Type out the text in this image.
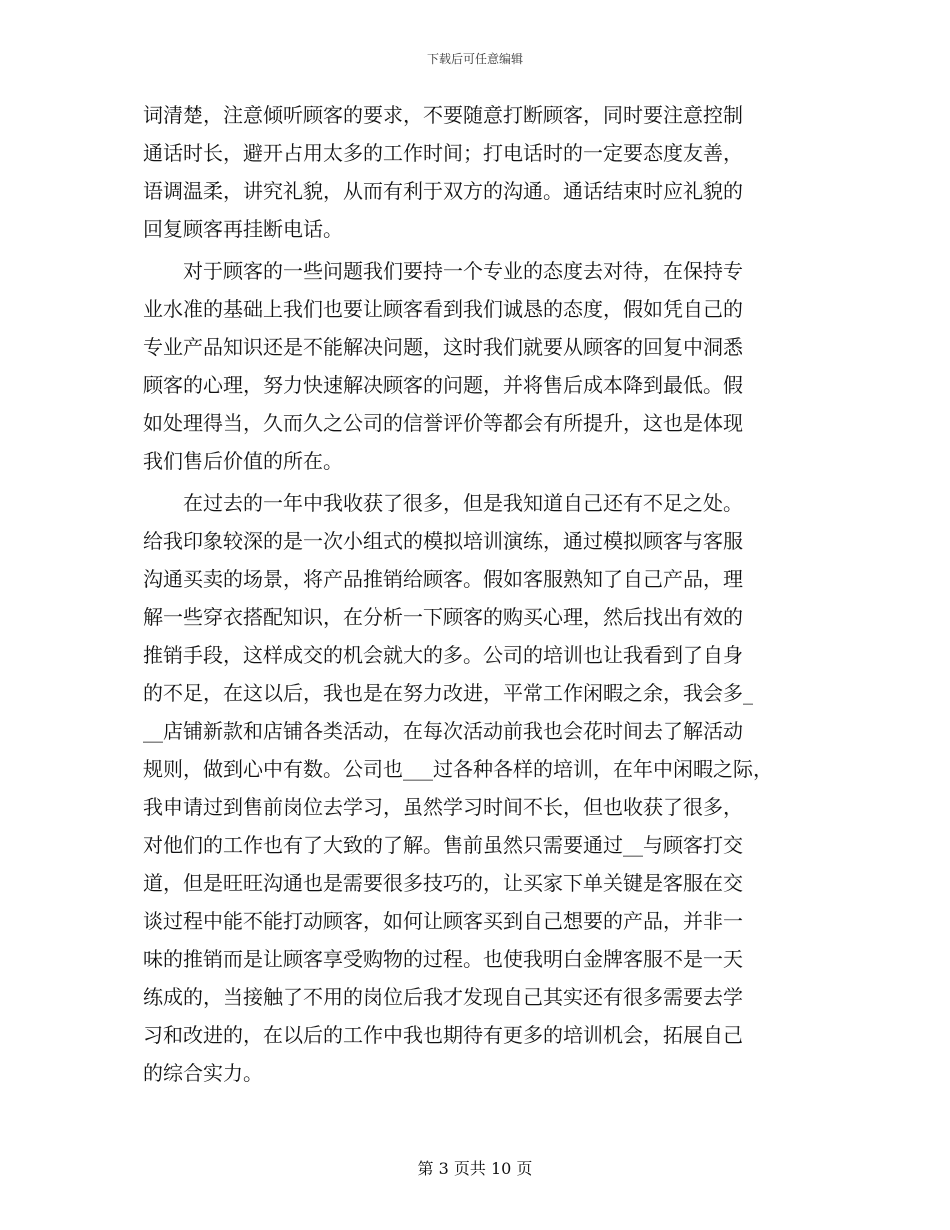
下载后可任意编辑
词清楚，注意倾听顾客的要求，不要随意打断顾客，同时要注意控制
通话时长，避开占用太多的工作时间；打电话时的一定要态度友善，
语调温柔，讲究礼貌，从而有利于双方的沟通。通话结束时应礼貌的
回复顾客再挂断电话。
　　对于顾客的一些问题我们要持一个专业的态度去对待，在保持专
业水准的基础上我们也要让顾客看到我们诚恳的态度，假如凭自己的
专业产品知识还是不能解决问题，这时我们就要从顾客的回复中洞悉
顾客的心理，努力快速解决顾客的问题，并将售后成本降到最低。假
如处理得当，久而久之公司的信誉评价等都会有所提升，这也是体现
我们售后价值的所在。
　　在过去的一年中我收获了很多，但是我知道自己还有不足之处。
给我印象较深的是一次小组式的模拟培训演练，通过模拟顾客与客服
沟通买卖的场景，将产品推销给顾客。假如客服熟知了自己产品，理
解一些穿衣搭配知识，在分析一下顾客的购买心理，然后找出有效的
推销手段，这样成交的机会就大的多。公司的培训也让我看到了自身
的不足，在这以后，我也是在努力改进，平常工作闲暇之余，我会多_
__店铺新款和店铺各类活动，在每次活动前我也会花时间去了解活动
规则，做到心中有数。公司也___过各种各样的培训，在年中闲暇之际，
我申请过到售前岗位去学习，虽然学习时间不长，但也收获了很多，
对他们的工作也有了大致的了解。售前虽然只需要通过__与顾客打交
道，但是旺旺沟通也是需要很多技巧的，让买家下单关键是客服在交
谈过程中能不能打动顾客，如何让顾客买到自己想要的产品，并非一
味的推销而是让顾客享受购物的过程。也使我明白金牌客服不是一天
练成的，当接触了不用的岗位后我才发现自己其实还有很多需要去学
习和改进的，在以后的工作中我也期待有更多的培训机会，拓展自己
的综合实力。
第 3 页共 10 页
